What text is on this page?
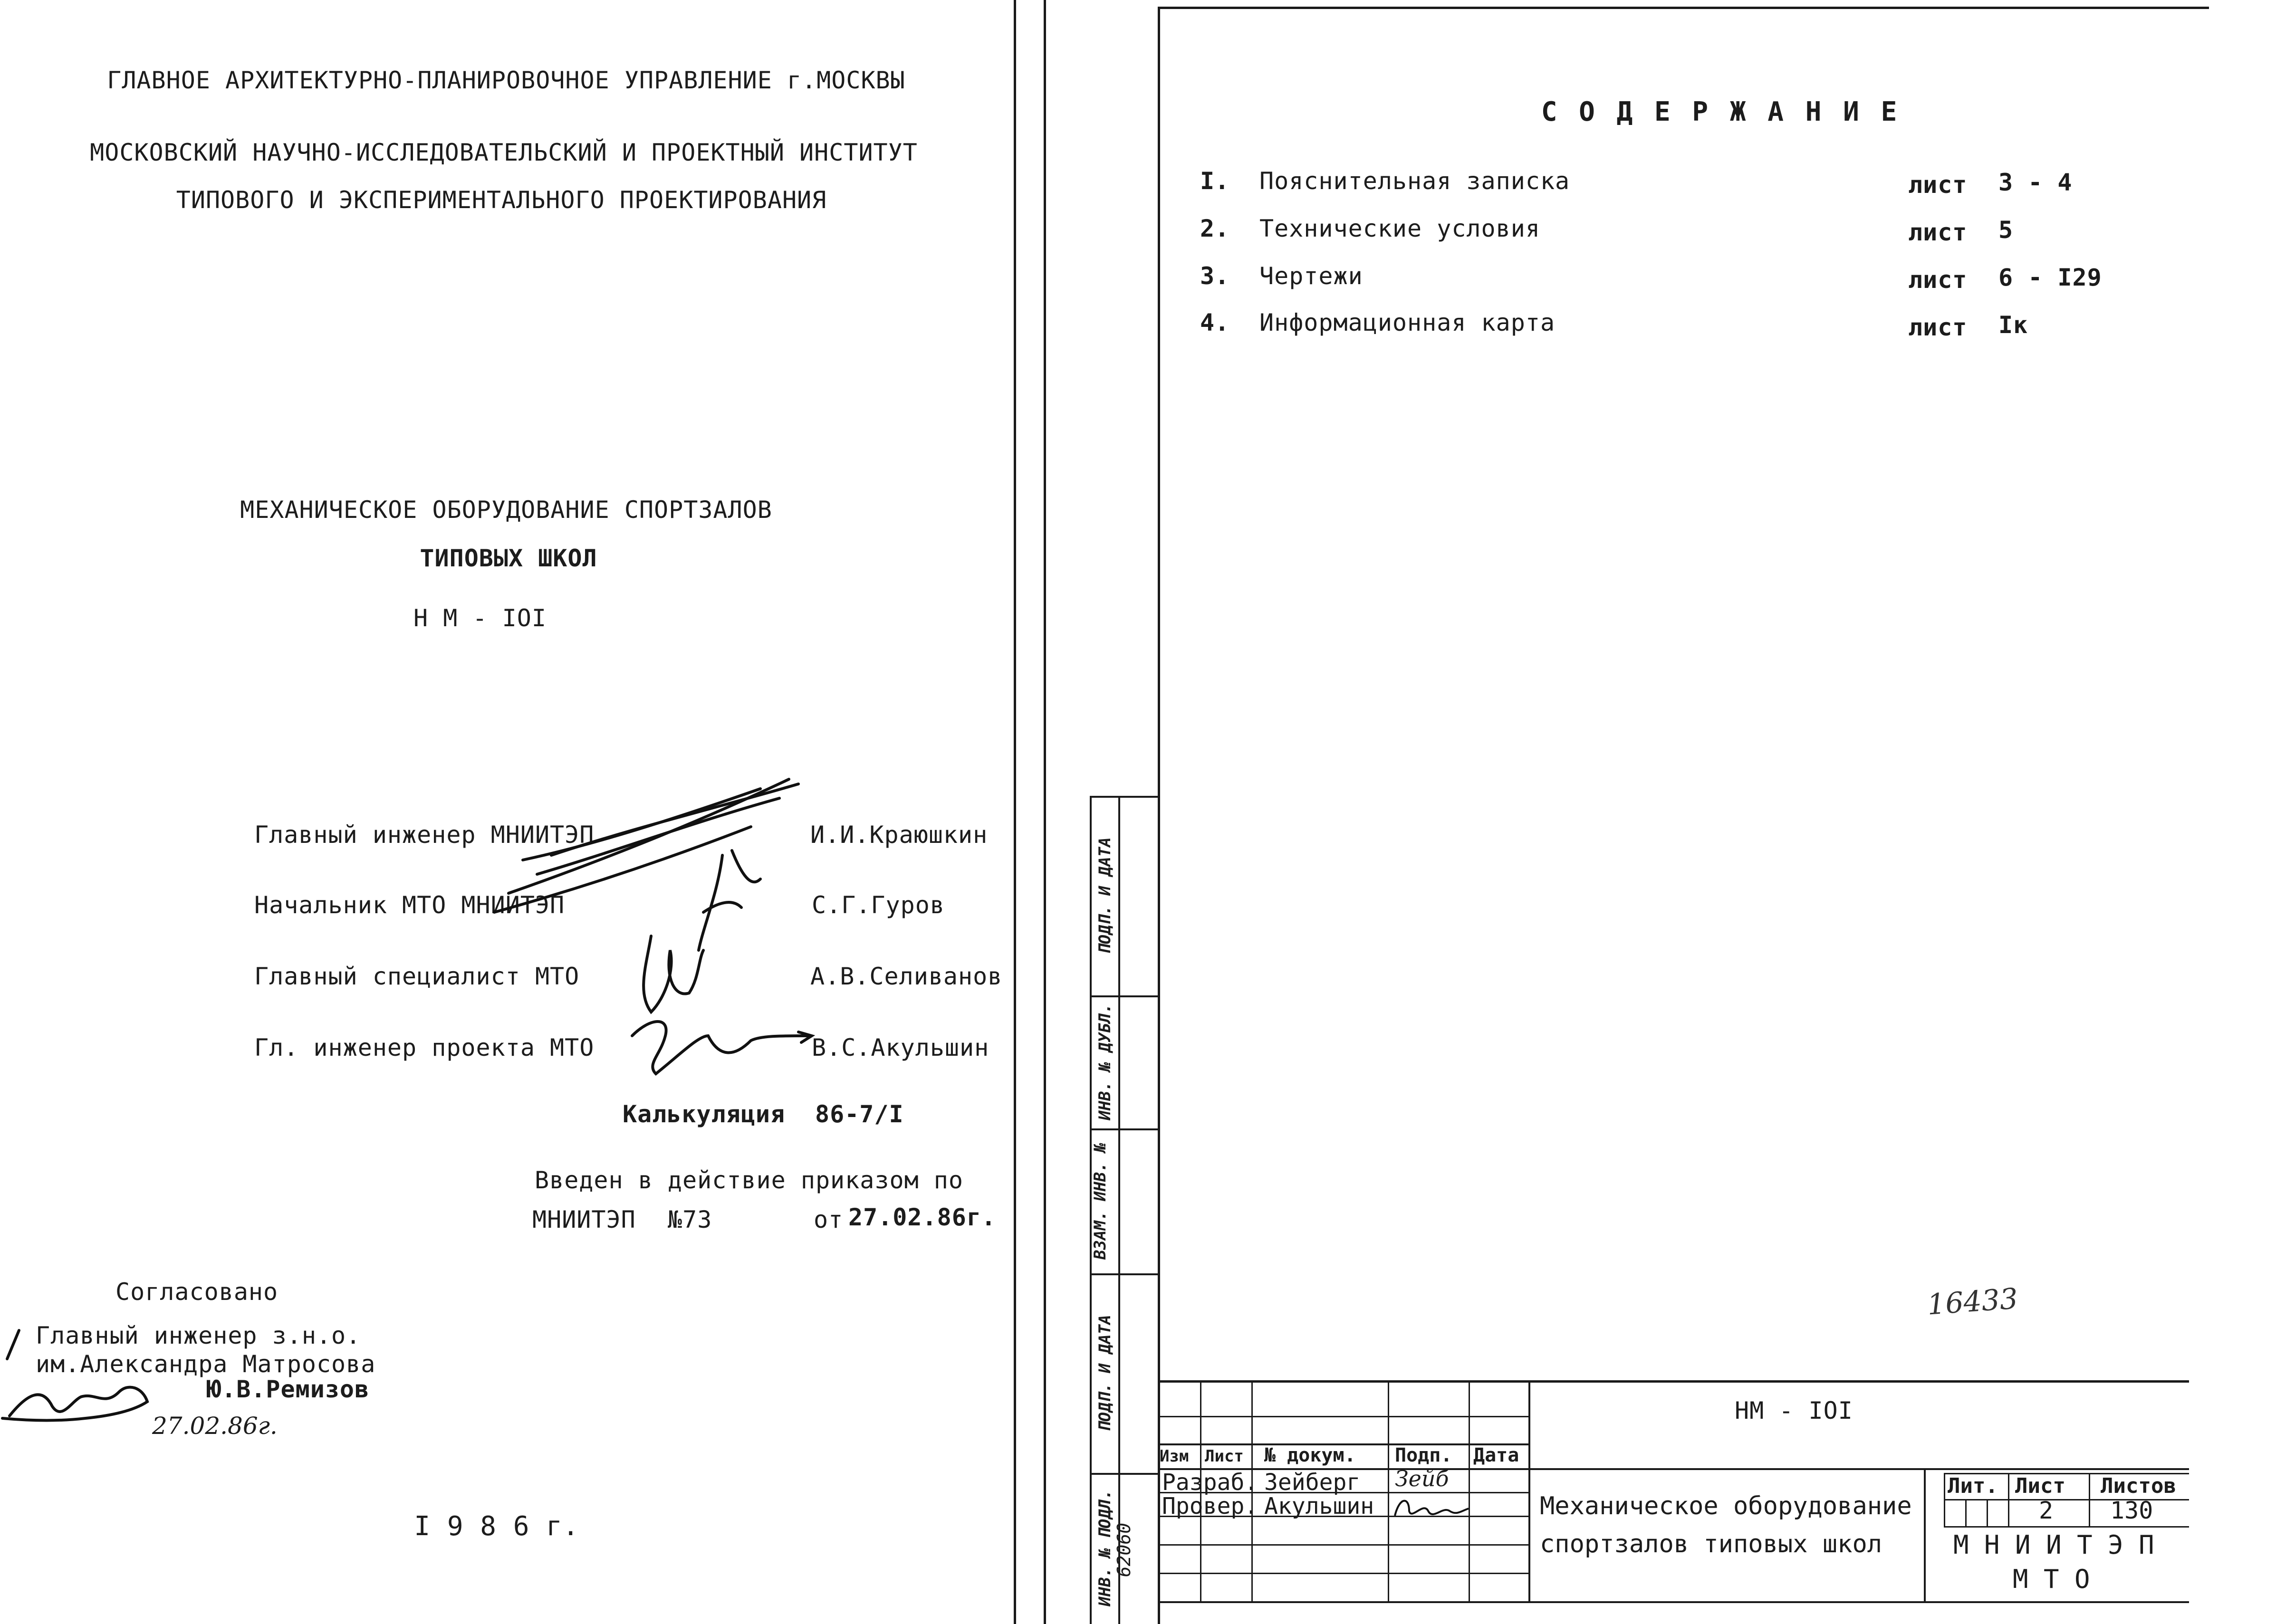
ГЛАВНОЕ АРХИТЕКТУРНО-ПЛАНИРОВОЧНОЕ УПРАВЛЕНИЕ г.МОСКВЫ
МОСКОВСКИЙ НАУЧНО-ИССЛЕДОВАТЕЛЬСКИЙ И ПРОЕКТНЫЙ ИНСТИТУТ
ТИПОВОГО И ЭКСПЕРИМЕНТАЛЬНОГО ПРОЕКТИРОВАНИЯ
МЕХАНИЧЕСКОЕ ОБОРУДОВАНИЕ СПОРТЗАЛОВ
ТИПОВЫХ ШКОЛ
Н М - IOI
Главный инженер МНИИТЭП	И.И.Краюшкин
Начальник МТО МНИИТЭП	С.Г.Гуров
Главный специалист МТО	А.В.Селиванов
Гл. инженер проекта МТО	В.С.Акульшин
Калькуляция 86-7/I
Введен в действие приказом по
МНИИТЭП №73	от 27.02.86г.
Согласовано
Главный инженер з.н.о.
им.Александра Матросова
Ю.В.Ремизов
27.02.86г.
I 9 8 6 г.
С О Д Е Р Ж А Н И Е
I. Пояснительная записка	лист 3 - 4
2. Технические условия	лист 5
3. Чертежи	лист 6 - I29
4. Информационная карта	лист Iк
16433
ПОДП. И ДАТА
ИНВ. № ДУБЛ.
ВЗАМ. ИНВ. №
ПОДП. И ДАТА
ИНВ. № ПОДЛ.
62060
НМ - IOI
Изм Лист № докум. Подп. Дата
Разраб. Зейберг Зейб
Провер. Акульшин	Механическое оборудование
спортзалов типовых школ
Лит. Лист Листов
2 130
М Н И И Т Э П
М Т О
